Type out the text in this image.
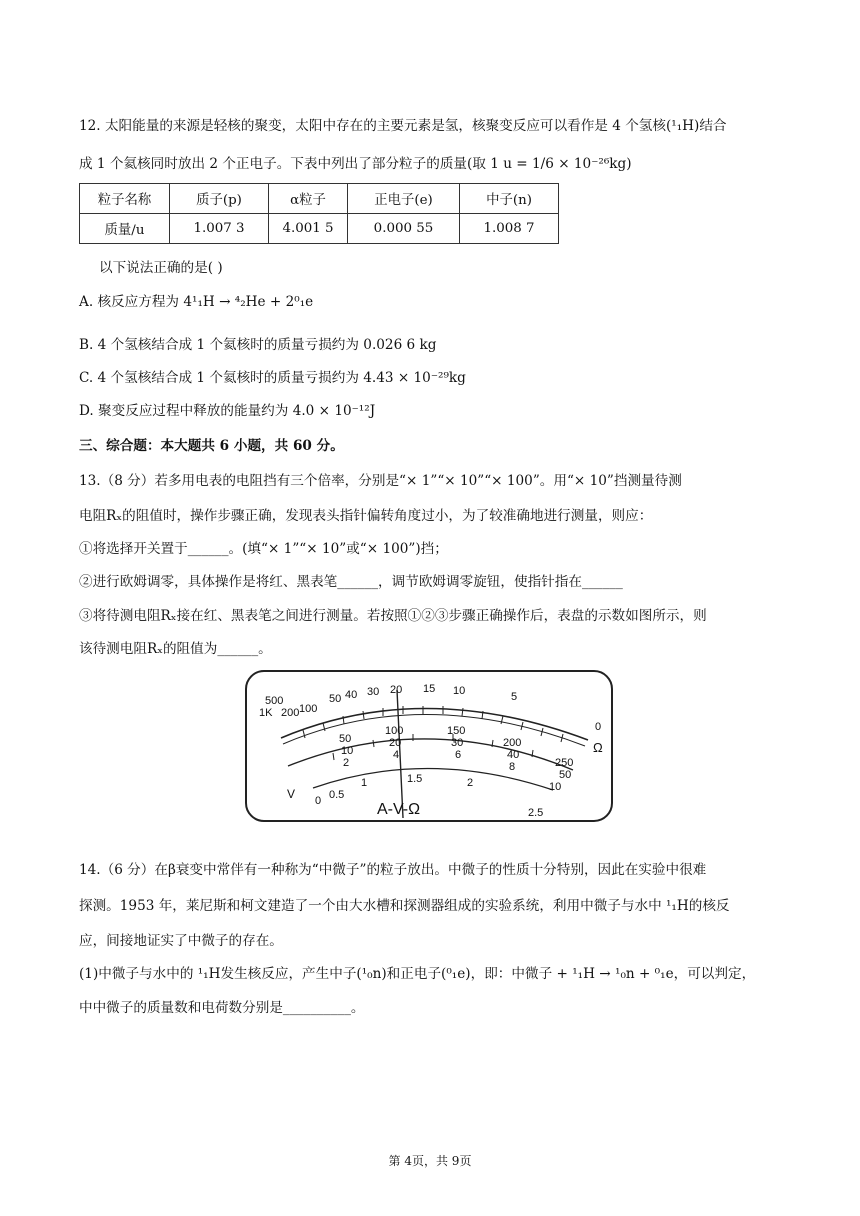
12. 太阳能量的来源是轻核的聚变，太阳中存在的主要元素是氢，核聚变反应可以看作是 4 个氢核(¹₁H)结合
成 1 个氦核同时放出 2 个正电子。下表中列出了部分粒子的质量(取 1 u = 1/6 × 10⁻²⁶kg)
粒子名称	质子(p)	α粒子	正电子(e)	中子(n)
质量/u	1.007 3	4.001 5	0.000 55	1.008 7
以下说法正确的是( )
A. 核反应方程为 4¹₁H → ⁴₂He + 2⁰₁e
B. 4 个氢核结合成 1 个氦核时的质量亏损约为 0.026 6 kg
C. 4 个氢核结合成 1 个氦核时的质量亏损约为 4.43 × 10⁻²⁹kg
D. 聚变反应过程中释放的能量约为 4.0 × 10⁻¹²J
三、综合题：本大题共 6 小题，共 60 分。
13.（8 分）若多用电表的电阻挡有三个倍率，分别是“× 1”“× 10”“× 100”。用“× 10”挡测量待测
电阻Rₓ的阻值时，操作步骤正确，发现表头指针偏转角度过小，为了较准确地进行测量，则应：
①将选择开关置于______。(填“× 1”“× 10”或“× 100”)挡；
②进行欧姆调零，具体操作是将红、黑表笔______，调节欧姆调零旋钮，使指针指在______
③将待测电阻Rₓ接在红、黑表笔之间进行测量。若按照①②③步骤正确操作后，表盘的示数如图所示，则
该待测电阻Rₓ的阻值为______。
500
1K 200 100
50 40 30 20 15 10	5
0
Ω
50
10
2
100
20
4
150
30
6
200
40
8	250
50
10
0 0.5
1	1.5	2
2.5
V
A-V-Ω
14.（6 分）在β衰变中常伴有一种称为“中微子”的粒子放出。中微子的性质十分特别，因此在实验中很难
探测。1953 年，莱尼斯和柯文建造了一个由大水槽和探测器组成的实验系统，利用中微子与水中 ¹₁H的核反
应，间接地证实了中微子的存在。
(1)中微子与水中的 ¹₁H发生核反应，产生中子(¹₀n)和正电子(⁰₁e)，即：中微子 + ¹₁H → ¹₀n + ⁰₁e，可以判定，
中中微子的质量数和电荷数分别是__________。
第 4页，共 9页
